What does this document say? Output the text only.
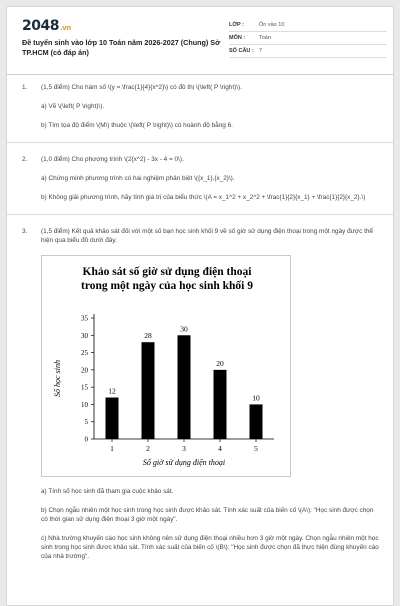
2048.vn
Đề tuyển sinh vào lớp 10 Toán năm 2026-2027 (Chung) Sở TP.HCM (có đáp án)
LỚP :	Ôn vào 10
MÔN :	Toán
SỐ CÂU : 7
1. (1,5 điểm) Cho hàm số \(y = \frac{1}{4}{x^2}\) có đồ thị \(\left( P \right)\).
a) Vẽ \(\left( P \right)\).
b) Tìm tọa độ điểm \(M\) thuộc \(\left( P \right)\) có hoành độ bằng 6.
2. (1,0 điểm) Cho phương trình \(2{x^2} - 3x - 4 = 0\).
a) Chứng minh phương trình có hai nghiệm phân biệt \({x_1},{x_2}\).
b) Không giải phương trình, hãy tính giá trị của biểu thức \(A = x_1^2 + x_2^2 + \frac{1}{2}{x_1} + \frac{1}{2}{x_2}.\)
3. (1,5 điểm) Kết quả khảo sát đối với một số bạn học sinh khối 9 về số giờ sử dụng điện thoại trong một ngày được thể hiện qua biểu đồ dưới đây.
Khảo sát số giờ sử dụng điện thoại
trong một ngày của học sinh khối 9
0
5
10
15
20
25
30
35
Số học sinh	12
1
28
2
30
3
20
4
10
5
Số giờ sử dụng điện thoại
a) Tính số học sinh đã tham gia cuộc khảo sát.
b) Chọn ngẫu nhiên một học sinh trong học sinh được khảo sát. Tính xác suất của biến cố \(A\): "Học sinh được chọn có thời gian sử dụng điện thoại 3 giờ một ngày".
c) Nhà trường khuyến cáo học sinh không nên sử dụng điện thoại nhiều hơn 3 giờ một ngày. Chọn ngẫu nhiên một học sinh trong học sinh được khảo sát. Tính xác suất của biến cố \(B\): "Học sinh được chọn đã thực hiện đúng khuyến cáo của nhà trường".
